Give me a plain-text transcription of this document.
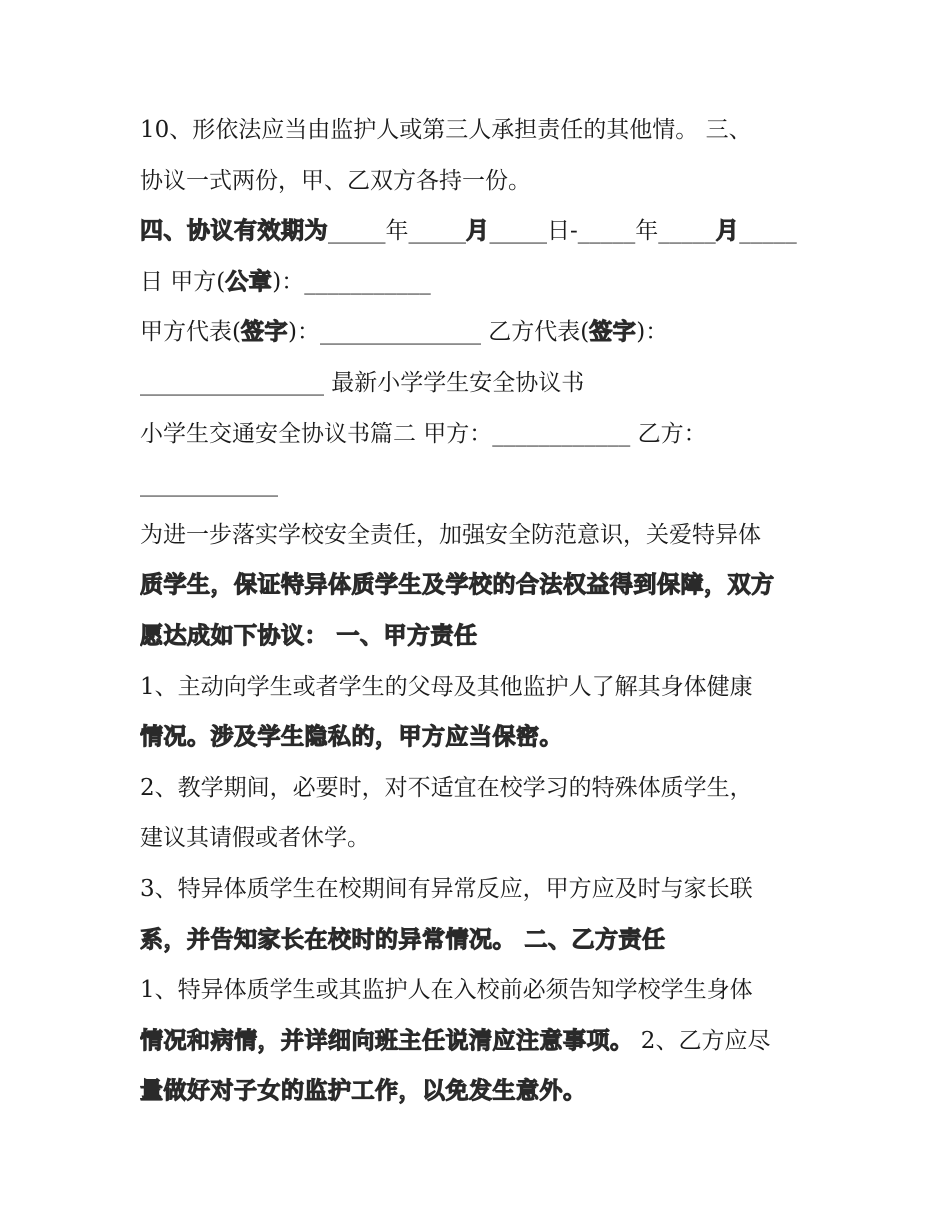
10、形依法应当由监护人或第三人承担责任的其他情。 三、
协议一式两份，甲、乙双方各持一份。
四、协议有效期为_____年_____月_____日-_____年_____月_____
日 甲方(公章)：___________
甲方代表(签字)：______________ 乙方代表(签字)：
________________ 最新小学学生安全协议书
小学生交通安全协议书篇二 甲方：____________ 乙方：
____________
为进一步落实学校安全责任，加强安全防范意识，关爱特异体
质学生，保证特异体质学生及学校的合法权益得到保障，双方
愿达成如下协议： 一、甲方责任
1、主动向学生或者学生的父母及其他监护人了解其身体健康
情况。涉及学生隐私的，甲方应当保密。
2、教学期间，必要时，对不适宜在校学习的特殊体质学生，
建议其请假或者休学。
3、特异体质学生在校期间有异常反应，甲方应及时与家长联
系，并告知家长在校时的异常情况。 二、乙方责任
1、特异体质学生或其监护人在入校前必须告知学校学生身体
情况和病情，并详细向班主任说清应注意事项。 2、乙方应尽
量做好对子女的监护工作，以免发生意外。
